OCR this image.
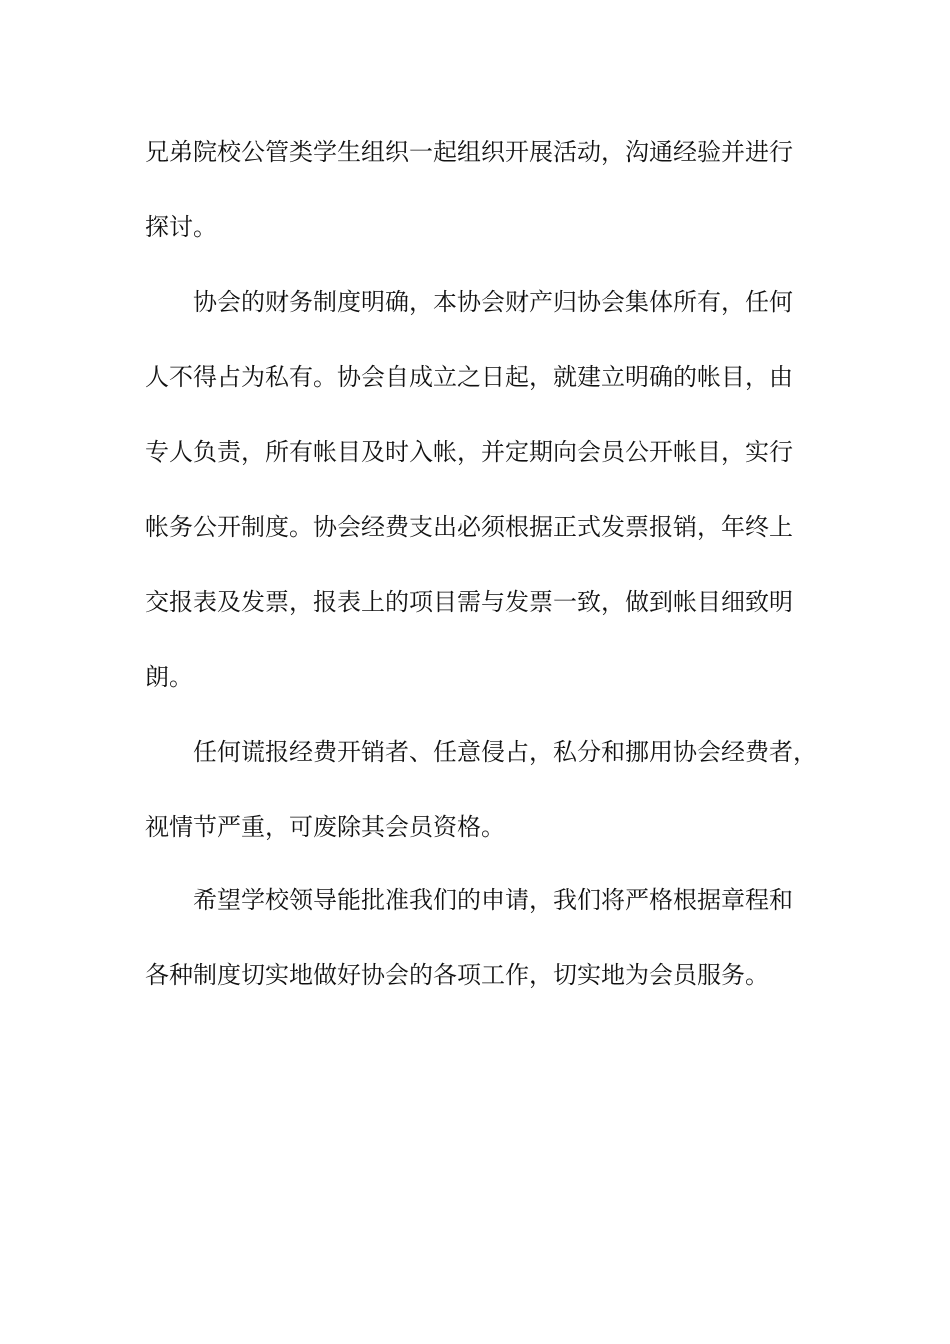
兄弟院校公管类学生组织一起组织开展活动，沟通经验并进行
探讨。
协会的财务制度明确，本协会财产归协会集体所有，任何
人不得占为私有。协会自成立之日起，就建立明确的帐目，由
专人负责，所有帐目及时入帐，并定期向会员公开帐目，实行
帐务公开制度。协会经费支出必须根据正式发票报销，年终上
交报表及发票，报表上的项目需与发票一致，做到帐目细致明
朗。
任何谎报经费开销者、任意侵占，私分和挪用协会经费者，
视情节严重，可废除其会员资格。
希望学校领导能批准我们的申请，我们将严格根据章程和
各种制度切实地做好协会的各项工作，切实地为会员服务。
